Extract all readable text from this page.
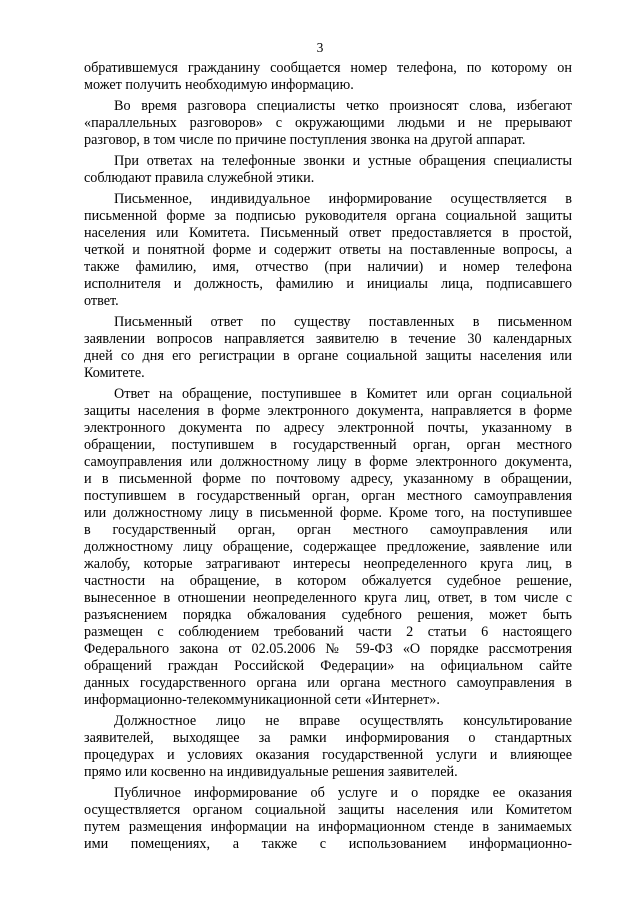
3
обратившемуся гражданину сообщается номер телефона, по которому он
может получить необходимую информацию.
Во время разговора специалисты четко произносят слова, избегают
«параллельных разговоров» с окружающими людьми и не прерывают
разговор, в том числе по причине поступления звонка на другой аппарат.
При ответах на телефонные звонки и устные обращения специалисты
соблюдают правила служебной этики.
Письменное, индивидуальное информирование осуществляется в
письменной форме за подписью руководителя органа социальной защиты
населения или Комитета. Письменный ответ предоставляется в простой,
четкой и понятной форме и содержит ответы на поставленные вопросы, а
также фамилию, имя, отчество (при наличии) и номер телефона
исполнителя и должность, фамилию и инициалы лица, подписавшего
ответ.
Письменный ответ по существу поставленных в письменном
заявлении вопросов направляется заявителю в течение 30 календарных
дней со дня его регистрации в органе социальной защиты населения или
Комитете.
Ответ на обращение, поступившее в Комитет или орган социальной
защиты населения в форме электронного документа, направляется в форме
электронного документа по адресу электронной почты, указанному в
обращении, поступившем в государственный орган, орган местного
самоуправления или должностному лицу в форме электронного документа,
и в письменной форме по почтовому адресу, указанному в обращении,
поступившем в государственный орган, орган местного самоуправления
или должностному лицу в письменной форме. Кроме того, на поступившее
в государственный орган, орган местного самоуправления или
должностному лицу обращение, содержащее предложение, заявление или
жалобу, которые затрагивают интересы неопределенного круга лиц, в
частности на обращение, в котором обжалуется судебное решение,
вынесенное в отношении неопределенного круга лиц, ответ, в том числе с
разъяснением порядка обжалования судебного решения, может быть
размещен с соблюдением требований части 2 статьи 6 настоящего
Федерального закона от 02.05.2006 № 59-ФЗ «О порядке рассмотрения
обращений граждан Российской Федерации» на официальном сайте
данных государственного органа или органа местного самоуправления в
информационно-телекоммуникационной сети «Интернет».
Должностное лицо не вправе осуществлять консультирование
заявителей, выходящее за рамки информирования о стандартных
процедурах и условиях оказания государственной услуги и влияющее
прямо или косвенно на индивидуальные решения заявителей.
Публичное информирование об услуге и о порядке ее оказания
осуществляется органом социальной защиты населения или Комитетом
путем размещения информации на информационном стенде в занимаемых
ими помещениях, а также с использованием информационно-
